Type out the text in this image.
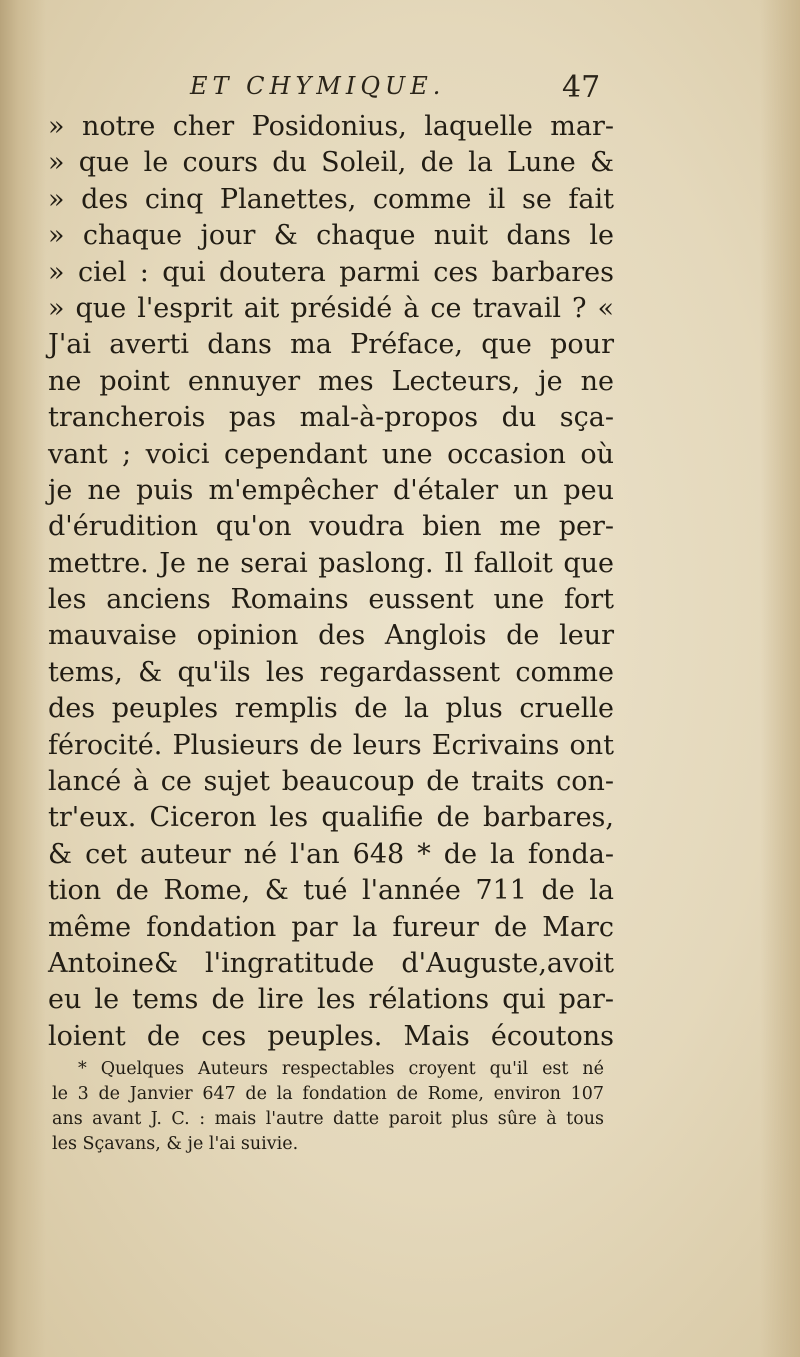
ET CHYMIQUE.	47
» notre cher Posidonius, laquelle mar-
» que le cours du Soleil, de la Lune &
» des cinq Planettes, comme il se fait
» chaque jour & chaque nuit dans le
» ciel : qui doutera parmi ces barbares
» que l'esprit ait présidé à ce travail ? «
J'ai averti dans ma Préface, que pour
ne point ennuyer mes Lecteurs, je ne
trancherois pas mal-à-propos du sça-
vant ; voici cependant une occasion où
je ne puis m'empêcher d'étaler un peu
d'érudition qu'on voudra bien me per-
mettre. Je ne serai paslong. Il falloit que
les anciens Romains eussent une fort
mauvaise opinion des Anglois de leur
tems, & qu'ils les regardassent comme
des peuples remplis de la plus cruelle
férocité. Plusieurs de leurs Ecrivains ont
lancé à ce sujet beaucoup de traits con-
tr'eux. Ciceron les qualifie de barbares,
& cet auteur né l'an 648 * de la fonda-
tion de Rome, & tué l'année 711 de la
même fondation par la fureur de Marc
Antoine& l'ingratitude d'Auguste,avoit
eu le tems de lire les rélations qui par-
loient de ces peuples. Mais écoutons
* Quelques Auteurs respectables croyent qu'il est né
le 3 de Janvier 647 de la fondation de Rome, environ 107
ans avant J. C. : mais l'autre datte paroit plus sûre à tous
les Sçavans, & je l'ai suivie.
